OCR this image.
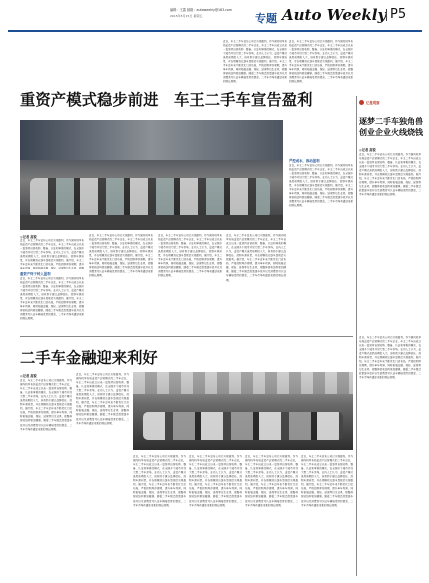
编辑：王露 邮箱：autoweekly@163.com
2015年5月15日 星期五	专题 Auto Weekly P5
重资产模式稳步前进　车王二手车宣告盈利
近日，车王二手车宣布公司已实现盈利。作为国内较早布局重资产运营模式的二手车企业，车王二手车自成立以来一直坚持自营收购、整备、认证和零售的模式，在全国多个城市开设大型二手车卖场。业内人士认为，重资产模式虽然前期投入大，但有助于建立品牌信任、控制车源质量，并在规模效应逐步显现后实现盈利。据介绍，车王二手车近年来不断优化门店布局，严格控制库存周期，提升单车利润，同时拓展金融、保险、延保等衍生业务，使整体营收结构更加健康。随着二手车限迁政策逐步放开以及消费者对认证车辆接受度的提高，二手车市场有望迎来新的增长周期。
◎记者 高锐
近日，车王二手车宣布公司已实现盈利。作为国内较早布局重资产运营模式的二手车企业，车王二手车自成立以来一直坚持自营收购、整备、认证和零售的模式，在全国多个城市开设大型二手车卖场。业内人士认为，重资产模式虽然前期投入大，但有助于建立品牌信任、控制车源质量，并在规模效应逐步显现后实现盈利。据介绍，车王二手车近年来不断优化门店布局，严格控制库存周期，提升单车利润，同时拓展金融、保险、延保等衍生业务，使整
重资产终于转入盈利
近日，车王二手车宣布公司已实现盈利。作为国内较早布局重资产运营模式的二手车企业，车王二手车自成立以来一直坚持自营收购、整备、认证和零售的模式，在全国多个城市开设大型二手车卖场。业内人士认为，重资产模式虽然前期投入大，但有助于建立品牌信任、控制车源质量，并在规模效应逐步显现后实现盈利。据介绍，车王二手车近年来不断优化门店布局，严格控制库存周期，提升单车利润，同时拓展金融、保险、延保等衍生业务，使整体营收结构更加健康。随着二手车限迁政策逐步放开以及消费者对认证车辆接受度的提高，二手车市场有望迎来新的增长周期。
近日，车王二手车宣布公司已实现盈利。作为国内较早布局重资产运营模式的二手车企业，车王二手车自成立以来一直坚持自营收购、整备、认证和零售的模式，在全国多个城市开设大型二手车卖场。业内人士认为，重资产模式虽然前期投入大，但有助于建立品牌信任、控制车源质量，并在规模效应逐步显现后实现盈利。据介绍，车王二手车近年来不断优化门店布局，严格控制库存周期，提升单车利润，同时拓展金融、保险、延保等衍生业务，使整体营收结构更加健康。随着二手车限迁政策逐步放开以及消费者对认证车辆接受度的提高，二手车市场有望迎来新的增长周期。
近日，车王二手车宣布公司已实现盈利。作为国内较早布局重资产运营模式的二手车企业，车王二手车自成立以来一直坚持自营收购、整备、认证和零售的模式，在全国多个城市开设大型二手车卖场。业内人士认为，重资产模式虽然前期投入大，但有助于建立品牌信任、控制车源质量，并在规模效应逐步显现后实现盈利。据介绍，车王二手车近年来不断优化门店布局，严格控制库存周期，提升单车利润，同时拓展金融、保险、延保等衍生业务，使整体营收结构更加健康。随着二手车限迁政策逐步放开以及消费者对认证车辆接受度的提高，二手车市场有望迎来新的增长周期。
近日，车王二手车宣布公司已实现盈利。作为国内较早布局重资产运营模式的二手车企业，车王二手车自成立以来一直坚持自营收购、整备、认证和零售的模式，在全国多个城市开设大型二手车卖场。业内人士认为，重资产模式虽然前期投入大，但有助于建立品牌信任、控制车源质量，并在规模效应逐步显现后实现盈利。据介绍，车王二手车近年来不断优化门店布局，严格控制库存周期，提升单车利润，同时拓展金融、保险、延保等衍生业务，使整体营收结构更加健康。随着二手车限迁政策逐步放开以及消费者对认证车辆接受度的提高，二手车市场有望迎来新的增长周期。
近日，车王二手车宣布公司已实现盈利。作为国内较早布局重资产运营模式的二手车企业，车王二手车自成立以来一直坚持自营收购、整备、认证和零售的模式，在全国多个城市开设大型二手车卖场。业内人士认为，重资产模式虽然前期投入大，但有助于建立品牌信任、控制车源质量，并在规模效应逐步显现后实现盈利。据介绍，车王二手车近年来不断优化门店布局，严格控制库存周期，提升单车利润，同时拓展金融、保险、延保等衍生业务，使整体营收结构更加健康。随着二手车限迁政策逐步放开以及消费者对认证车辆接受度的提高，二手车市场有望迎来新的增长周期。
严控成本，推动盈利
近日，车王二手车宣布公司已实现盈利。作为国内较早布局重资产运营模式的二手车企业，车王二手车自成立以来一直坚持自营收购、整备、认证和零售的模式，在全国多个城市开设大型二手车卖场。业内人士认为，重资产模式虽然前期投入大，但有助于建立品牌信任、控制车源质量，并在规模效应逐步显现后实现盈利。据介绍，车王二手车近年来不断优化门店布局，严格控制库存周期，提升单车利润，同时拓展金融、保险、延保等衍生业务，使整体营收结构更加健康。随着二手车限迁政策逐步放开以及消费者对认证车辆接受度的提高，二手车市场有望迎来新的增长周期。
亿曼观察
逐梦二手车独角兽
创业企业火线烧钱
◎记者 高锐
近日，车王二手车宣布公司已实现盈利。作为国内较早布局重资产运营模式的二手车企业，车王二手车自成立以来一直坚持自营收购、整备、认证和零售的模式，在全国多个城市开设大型二手车卖场。业内人士认为，重资产模式虽然前期投入大，但有助于建立品牌信任、控制车源质量，并在规模效应逐步显现后实现盈利。据介绍，车王二手车近年来不断优化门店布局，严格控制库存周期，提升单车利润，同时拓展金融、保险、延保等衍生业务，使整体营收结构更加健康。随着二手车限迁政策逐步放开以及消费者对认证车辆接受度的提高，二手车市场有望迎来新的增长周期。
二手车金融迎来利好
◎记者 高锐
近日，车王二手车宣布公司已实现盈利。作为国内较早布局重资产运营模式的二手车企业，车王二手车自成立以来一直坚持自营收购、整备、认证和零售的模式，在全国多个城市开设大型二手车卖场。业内人士认为，重资产模式虽然前期投入大，但有助于建立品牌信任、控制车源质量，并在规模效应逐步显现后实现盈利。据介绍，车王二手车近年来不断优化门店布局，严格控制库存周期，提升单车利润，同时拓展金融、保险、延保等衍生业务，使整体营收结构更加健康。随着二手车限迁政策逐步放开以及消费者对认证车辆接受度的提高，二手车市场有望迎来新的增长周期。
近日，车王二手车宣布公司已实现盈利。作为国内较早布局重资产运营模式的二手车企业，车王二手车自成立以来一直坚持自营收购、整备、认证和零售的模式，在全国多个城市开设大型二手车卖场。业内人士认为，重资产模式虽然前期投入大，但有助于建立品牌信任、控制车源质量，并在规模效应逐步显现后实现盈利。据介绍，车王二手车近年来不断优化门店布局，严格控制库存周期，提升单车利润，同时拓展金融、保险、延保等衍生业务，使整体营收结构更加健康。随着二手车限迁政策逐步放开以及消费者对认证车辆接受度的提高，二手车市场有望迎来新的增长周期。
近日，车王二手车宣布公司已实现盈利。作为国内较早布局重资产运营模式的二手车企业，车王二手车自成立以来一直坚持自营收购、整备、认证和零售的模式，在全国多个城市开设大型二手车卖场。业内人士认为，重资产模式虽然前期投入大，但有助于建立品牌信任、控制车源质量，并在规模效应逐步显现后实现盈利。据介绍，车王二手车近年来不断优化门店布局，严格控制库存周期，提升单车利润，同时拓展金融、保险、延保等衍生业务，使整体营收结构更加健康。随着二手车限迁政策逐步放开以及消费者对认证车辆接受度的提高，二手车市场有望迎来新的增长周期。
近日，车王二手车宣布公司已实现盈利。作为国内较早布局重资产运营模式的二手车企业，车王二手车自成立以来一直坚持自营收购、整备、认证和零售的模式，在全国多个城市开设大型二手车卖场。业内人士认为，重资产模式虽然前期投入大，但有助于建立品牌信任、控制车源质量，并在规模效应逐步显现后实现盈利。据介绍，车王二手车近年来不断优化门店布局，严格控制库存周期，提升单车利润，同时拓展金融、保险、延保等衍生业务，使整体营收结构更加健康。随着二手车限迁政策逐步放开以及消费者对认证车辆接受度的提高，二手车市场有望迎来新的增长周期。
近日，车王二手车宣布公司已实现盈利。作为国内较早布局重资产运营模式的二手车企业，车王二手车自成立以来一直坚持自营收购、整备、认证和零售的模式，在全国多个城市开设大型二手车卖场。业内人士认为，重资产模式虽然前期投入大，但有助于建立品牌信任、控制车源质量，并在规模效应逐步显现后实现盈利。据介绍，车王二手车近年来不断优化门店布局，严格控制库存周期，提升单车利润，同时拓展金融、保险、延保等衍生业务，使整体营收结构更加健康。随着二手车限迁政策逐步放开以及消费者对认证车辆接受度的提高，二手车市场有望迎来新的增长周期。
近日，车王二手车宣布公司已实现盈利。作为国内较早布局重资产运营模式的二手车企业，车王二手车自成立以来一直坚持自营收购、整备、认证和零售的模式，在全国多个城市开设大型二手车卖场。业内人士认为，重资产模式虽然前期投入大，但有助于建立品牌信任、控制车源质量，并在规模效应逐步显现后实现盈利。据介绍，车王二手车近年来不断优化门店布局，严格控制库存周期，提升单车利润，同时拓展金融、保险、延保等衍生业务，使整体营收结构更加健康。随着二手车限迁政策逐步放开以及消费者对认证车辆接受度的提高，二手车市场有望迎来新的增长周期。
近日，车王二手车宣布公司已实现盈利。作为国内较早布局重资产运营模式的二手车企业，车王二手车自成立以来一直坚持自营收购、整备、认证和零售的模式，在全国多个城市开设大型二手车卖场。业内人士认为，重资产模式虽然前期投入大，但有助于建立品牌信任、控制车源质量，并在规模效应逐步显现后实现盈利。据介绍，车王二手车近年来不断优化门店布局，严格控制库存周期，提升单车利润，同时拓展金融、保险、延保等衍生业务，使整体营收结构更加健康。随着二手车限迁政策逐步放开以及消费者对认证车辆接受度的提高，二手车市场有望迎来新的增长周期。
